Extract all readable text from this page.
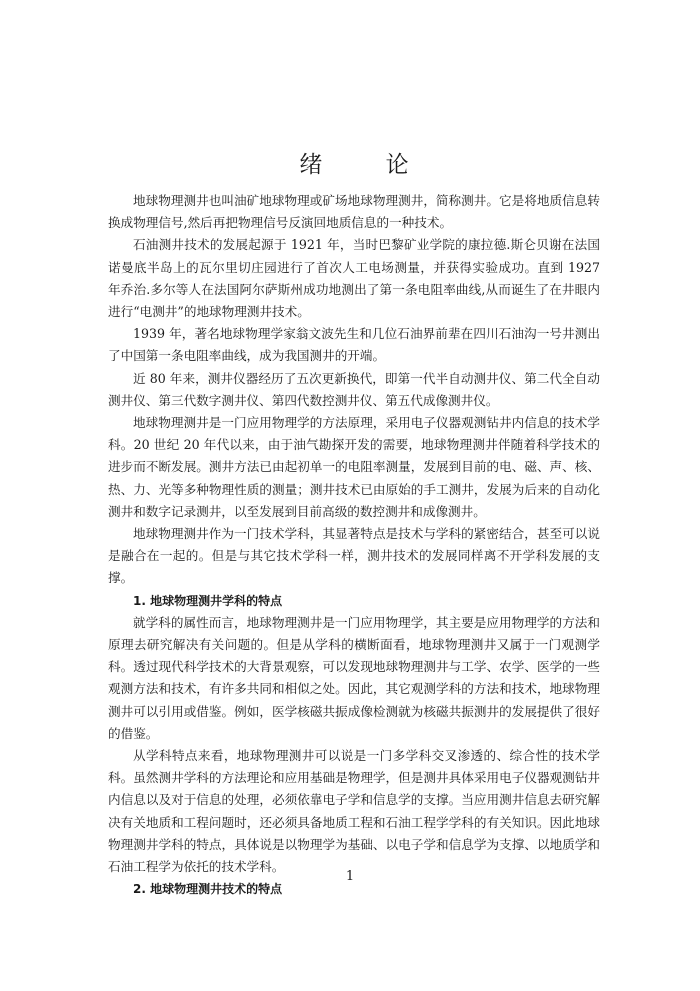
绪 论

地球物理测井也叫油矿地球物理或矿场地球物理测井，简称测井。它是将地质信息转换成物理信号,然后再把物理信号反演回地质信息的一种技术。

石油测井技术的发展起源于 1921 年，当时巴黎矿业学院的康拉德.斯仑贝谢在法国诺曼底半岛上的瓦尔里切庄园进行了首次人工电场测量，并获得实验成功。直到 1927 年乔治.多尔等人在法国阿尔萨斯州成功地测出了第一条电阻率曲线,从而诞生了在井眼内进行“电测井”的地球物理测井技术。

1939 年，著名地球物理学家翁文波先生和几位石油界前辈在四川石油沟一号井测出了中国第一条电阻率曲线，成为我国测井的开端。

近 80 年来，测井仪器经历了五次更新换代，即第一代半自动测井仪、第二代全自动测井仪、第三代数字测井仪、第四代数控测井仪、第五代成像测井仪。

地球物理测井是一门应用物理学的方法原理，采用电子仪器观测钻井内信息的技术学科。20 世纪 20 年代以来，由于油气勘探开发的需要，地球物理测井伴随着科学技术的进步而不断发展。测井方法已由起初单一的电阻率测量，发展到目前的电、磁、声、核、热、力、光等多种物理性质的测量；测井技术已由原始的手工测井，发展为后来的自动化测井和数字记录测井，以至发展到目前高级的数控测井和成像测井。

地球物理测井作为一门技术学科，其显著特点是技术与学科的紧密结合，甚至可以说是融合在一起的。但是与其它技术学科一样，测井技术的发展同样离不开学科发展的支撑。

1. 地球物理测井学科的特点

就学科的属性而言，地球物理测井是一门应用物理学，其主要是应用物理学的方法和原理去研究解决有关问题的。但是从学科的横断面看，地球物理测井又属于一门观测学科。透过现代科学技术的大背景观察，可以发现地球物理测井与工学、农学、医学的一些观测方法和技术，有许多共同和相似之处。因此，其它观测学科的方法和技术，地球物理测井可以引用或借鉴。例如，医学核磁共振成像检测就为核磁共振测井的发展提供了很好的借鉴。

从学科特点来看，地球物理测井可以说是一门多学科交叉渗透的、综合性的技术学科。虽然测井学科的方法理论和应用基础是物理学，但是测井具体采用电子仪器观测钻井内信息以及对于信息的处理，必须依靠电子学和信息学的支撑。当应用测井信息去研究解决有关地质和工程问题时，还必须具备地质工程和石油工程学学科的有关知识。因此地球物理测井学科的特点，具体说是以物理学为基础、以电子学和信息学为支撑、以地质学和石油工程学为依托的技术学科。

2. 地球物理测井技术的特点
1
